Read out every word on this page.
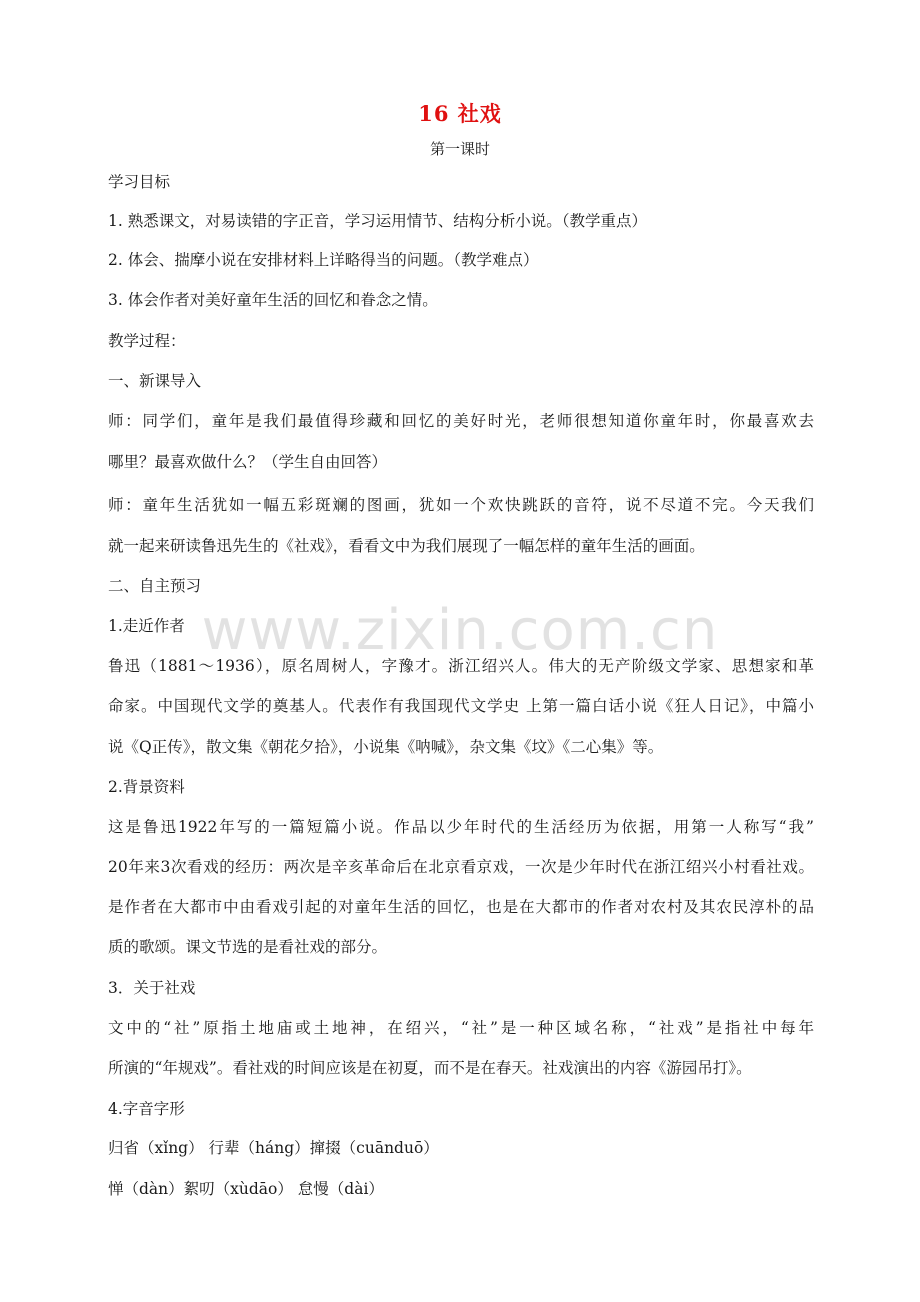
www.zixin.com.cn
16 社戏
第一课时
学习目标
1. 熟悉课文，对易读错的字正音，学习运用情节、结构分析小说。（教学重点）
2. 体会、揣摩小说在安排材料上详略得当的问题。（教学难点）
3. 体会作者对美好童年生活的回忆和眷念之情。
教学过程：
一、新课导入
师：同学们，童年是我们最值得珍藏和回忆的美好时光，老师很想知道你童年时，你最喜欢去
哪里？最喜欢做什么？（学生自由回答）
师：童年生活犹如一幅五彩斑斓的图画，犹如一个欢快跳跃的音符，说不尽道不完。今天我们
就一起来研读鲁迅先生的《社戏》，看看文中为我们展现了一幅怎样的童年生活的画面。
二、自主预习
1.走近作者
鲁迅（1881～1936），原名周树人，字豫才。浙江绍兴人。伟大的无产阶级文学家、思想家和革
命家。中国现代文学的奠基人。代表作有我国现代文学史 上第一篇白话小说《狂人日记》，中篇小
说《Q正传》，散文集《朝花夕拾》，小说集《呐喊》，杂文集《坟》《二心集》等。
2.背景资料
这是鲁迅1922年写的一篇短篇小说。作品以少年时代的生活经历为依据，用第一人称写“我”
20年来3次看戏的经历：两次是辛亥革命后在北京看京戏，一次是少年时代在浙江绍兴小村看社戏。
是作者在大都市中由看戏引起的对童年生活的回忆，也是在大都市的作者对农村及其农民淳朴的品
质的歌颂。课文节选的是看社戏的部分。
3．关于社戏
文中的“社”原指土地庙或土地神，在绍兴，“社”是一种区域名称，“社戏”是指社中每年
所演的“年规戏”。看社戏的时间应该是在初夏，而不是在春天。社戏演出的内容《游园吊打》。
4.字音字形
归省（xǐng） 行辈（háng）撺掇（cuānduō）
惮（dàn）絮叨（xùdāo） 怠慢（dài）
